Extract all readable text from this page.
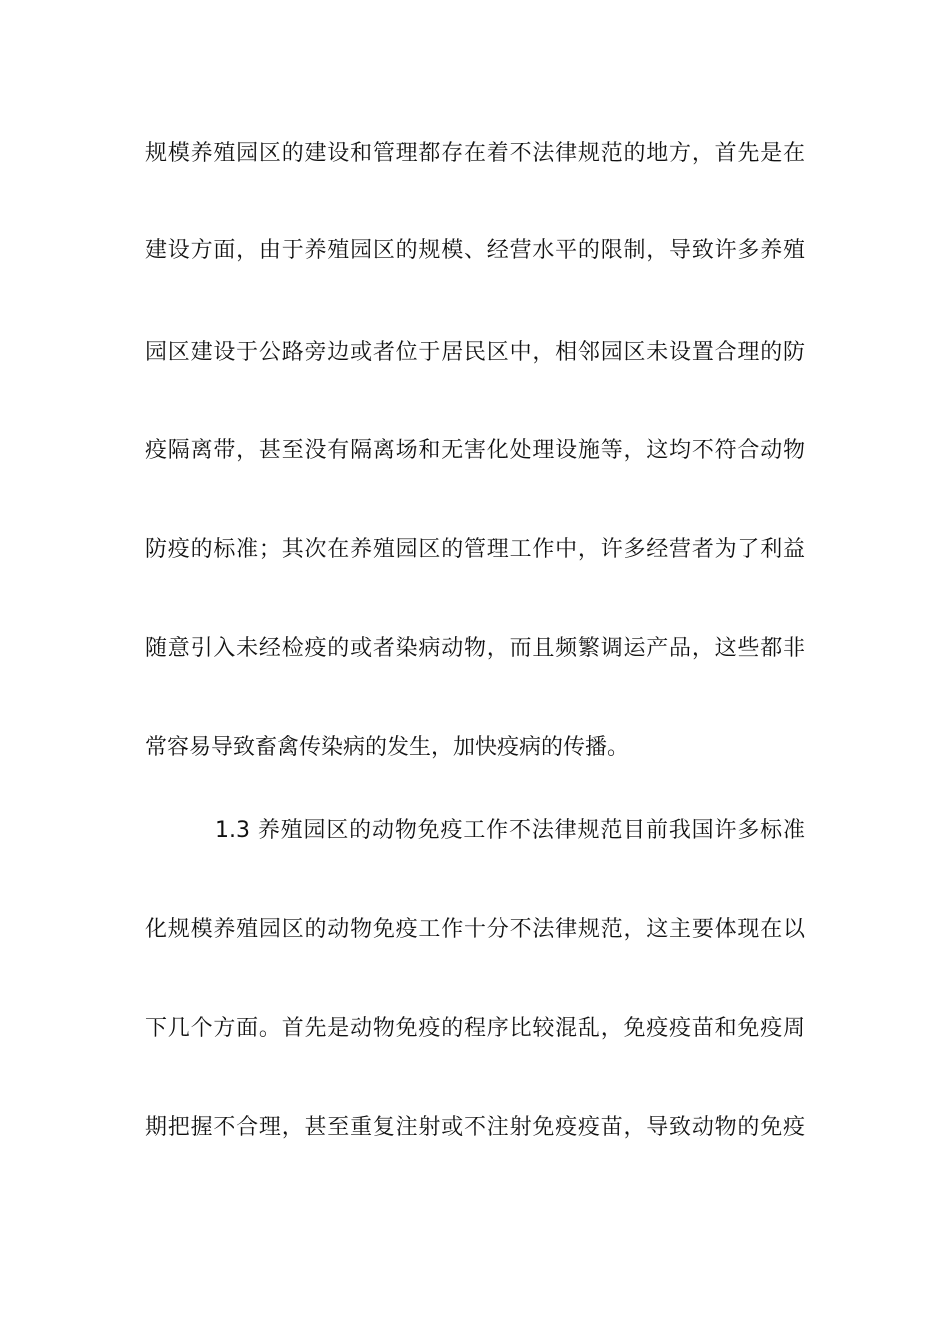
规模养殖园区的建设和管理都存在着不法律规范的地方，首先是在
建设方面，由于养殖园区的规模、经营水平的限制，导致许多养殖
园区建设于公路旁边或者位于居民区中，相邻园区未设置合理的防
疫隔离带，甚至没有隔离场和无害化处理设施等，这均不符合动物
防疫的标准；其次在养殖园区的管理工作中，许多经营者为了利益
随意引入未经检疫的或者染病动物，而且频繁调运产品，这些都非
常容易导致畜禽传染病的发生，加快疫病的传播。
1.3 养殖园区的动物免疫工作不法律规范目前我国许多标准
化规模养殖园区的动物免疫工作十分不法律规范，这主要体现在以
下几个方面。首先是动物免疫的程序比较混乱，免疫疫苗和免疫周
期把握不合理，甚至重复注射或不注射免疫疫苗，导致动物的免疫
